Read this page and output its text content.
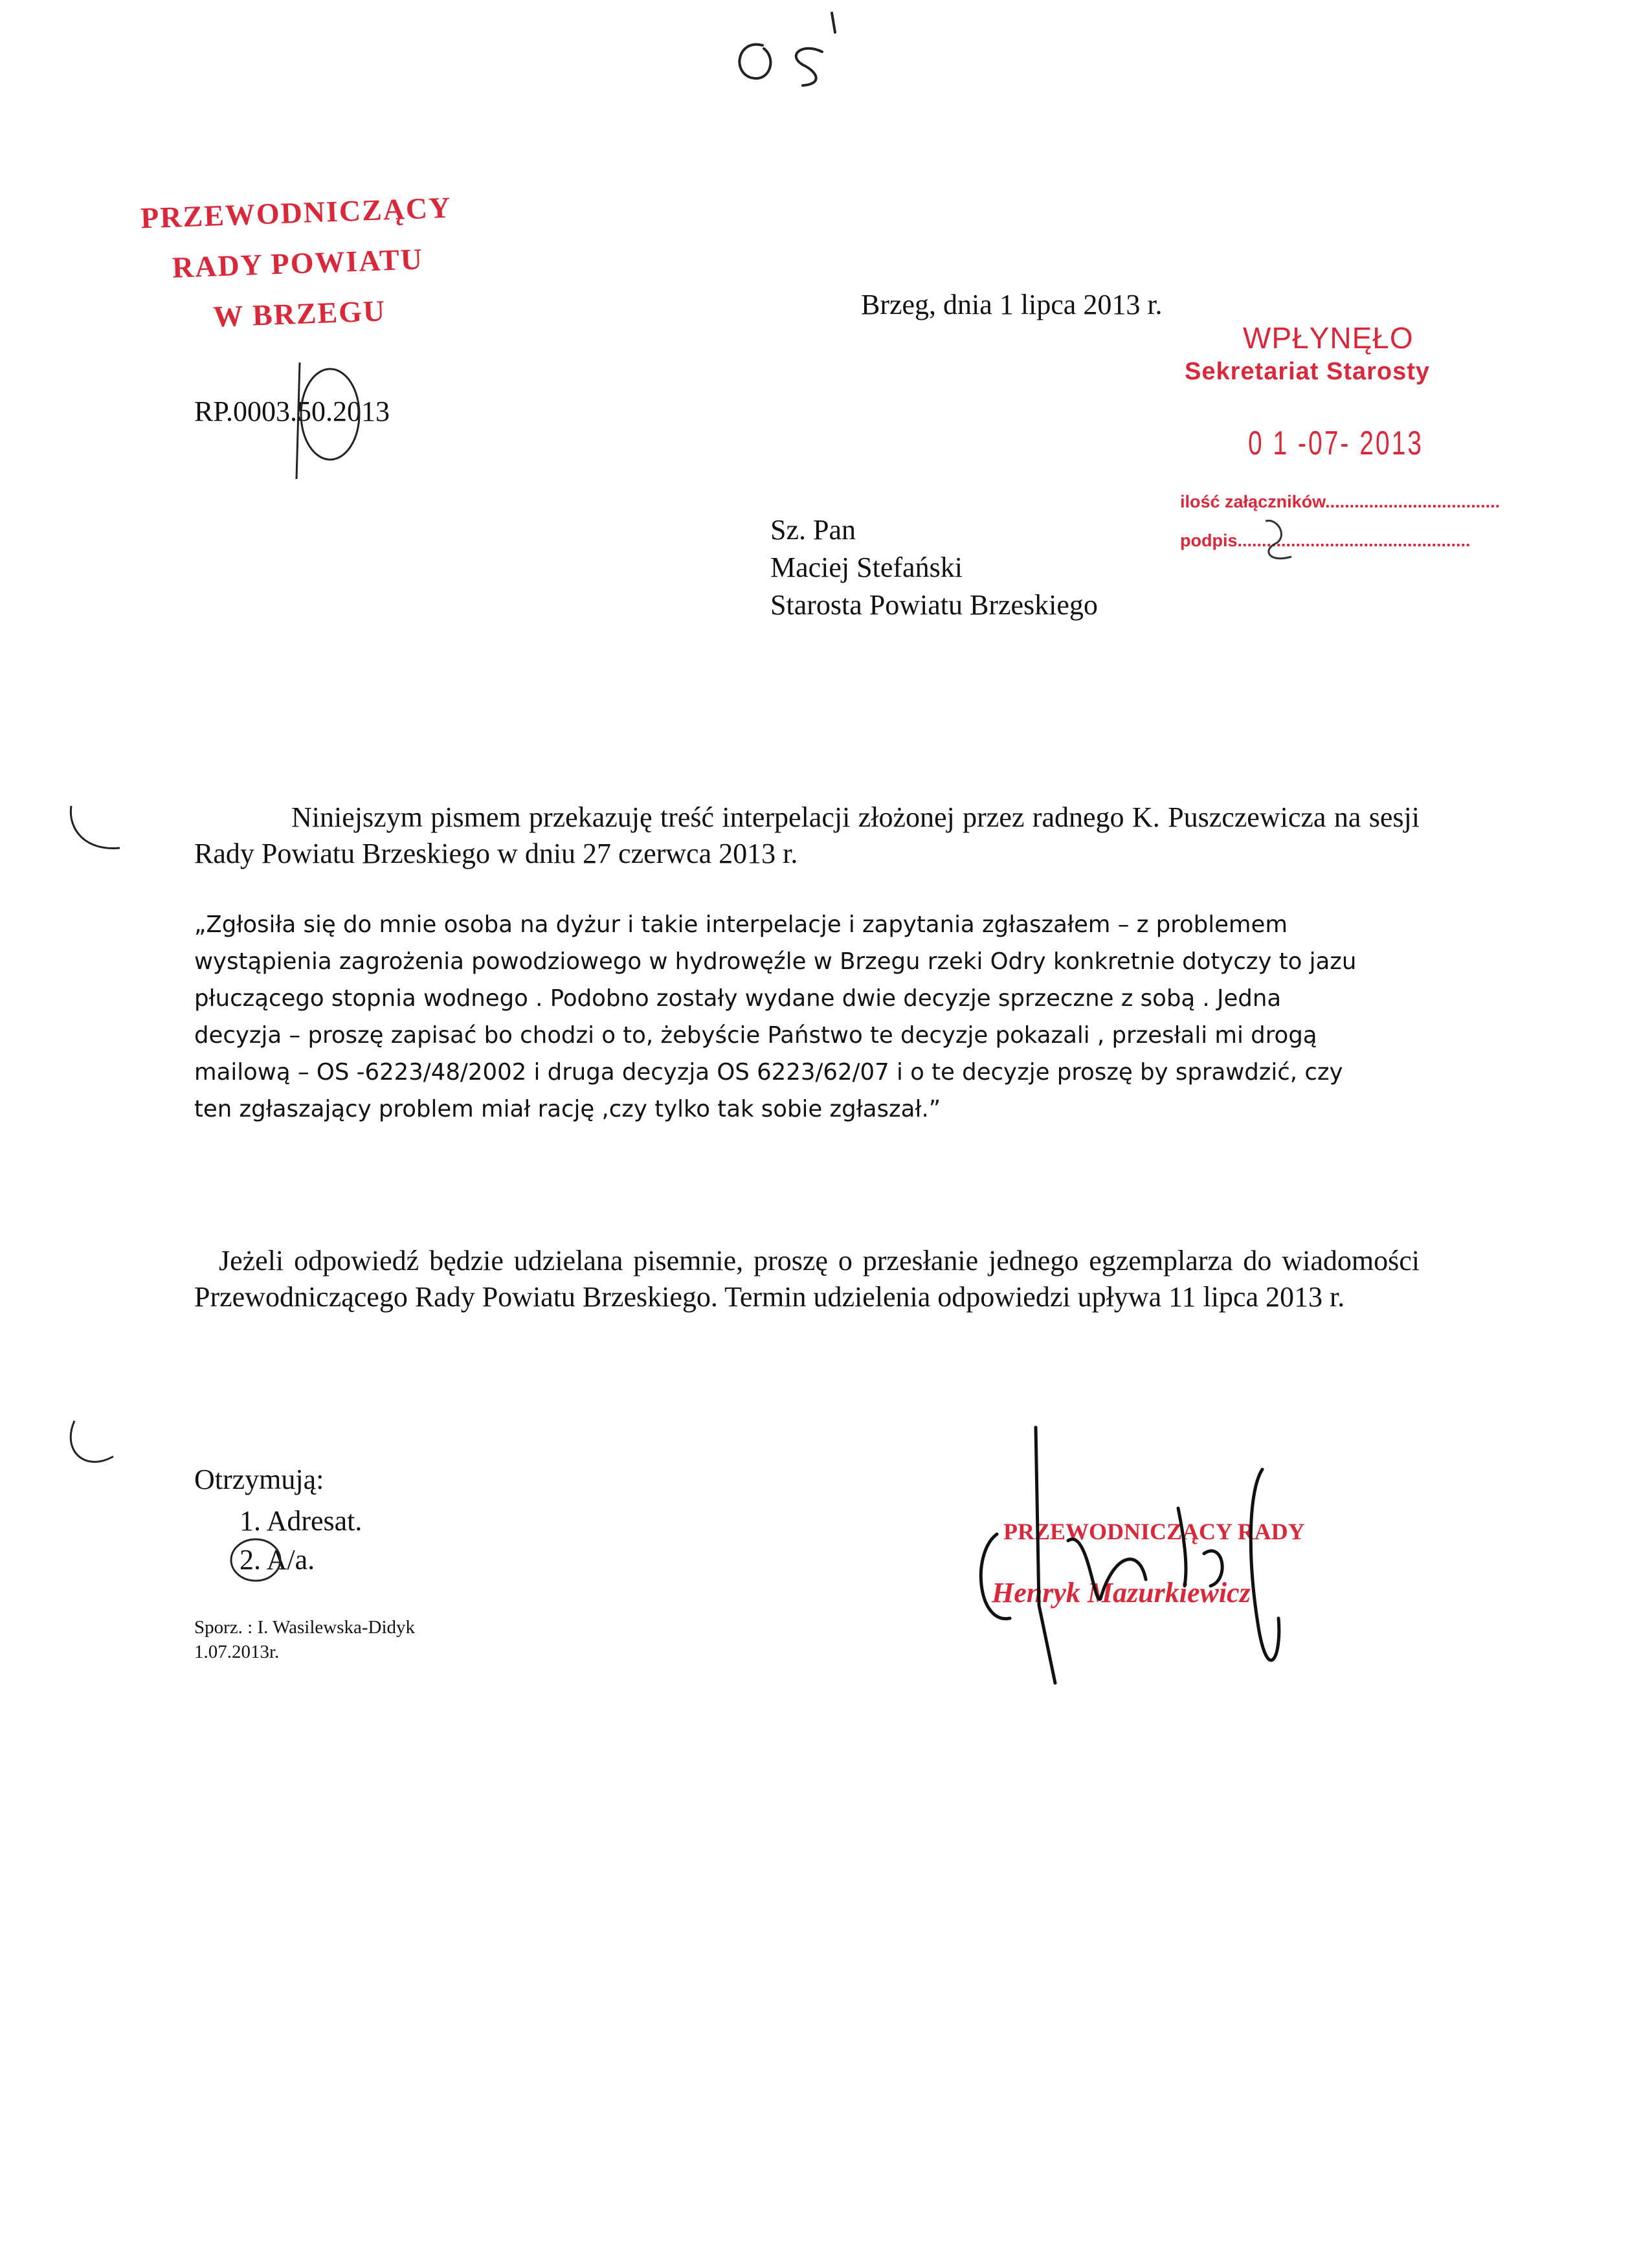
PRZEWODNICZĄCY
RADY POWIATU
W BRZEGU
RP.0003.50.2013
Brzeg, dnia 1 lipca 2013 r.
WPŁYNĘŁO
Sekretariat Starosty
0 1 -07- 2013
ilość załączników....................................
podpis................................................
Sz. Pan
Maciej Stefański
Starosta Powiatu Brzeskiego
Niniejszym pismem przekazuję treść interpelacji złożonej przez radnego K. Puszczewicza na sesji Rady Powiatu Brzeskiego w dniu 27 czerwca 2013 r.
„Zgłosiła się do mnie osoba na dyżur i takie interpelacje i zapytania zgłaszałem – z problemem
wystąpienia zagrożenia powodziowego w hydrowęźle w Brzegu rzeki Odry konkretnie dotyczy to jazu
płuczącego stopnia wodnego . Podobno zostały wydane dwie decyzje sprzeczne z sobą . Jedna
decyzja – proszę zapisać bo chodzi o to, żebyście Państwo te decyzje pokazali , przesłali mi drogą
mailową – OS -6223/48/2002 i druga decyzja OS 6223/62/07 i o te decyzje proszę by sprawdzić, czy
ten zgłaszający problem miał rację ,czy tylko tak sobie zgłaszał.”
Jeżeli odpowiedź będzie udzielana pisemnie, proszę o przesłanie jednego egzemplarza do wiadomości Przewodniczącego Rady Powiatu Brzeskiego. Termin udzielenia odpowiedzi upływa 11 lipca 2013 r.
Otrzymują:
1. Adresat.
2. A/a.
Sporz. : I. Wasilewska-Didyk
1.07.2013r.
PRZEWODNICZĄCY RADY
Henryk Mazurkiewicz
